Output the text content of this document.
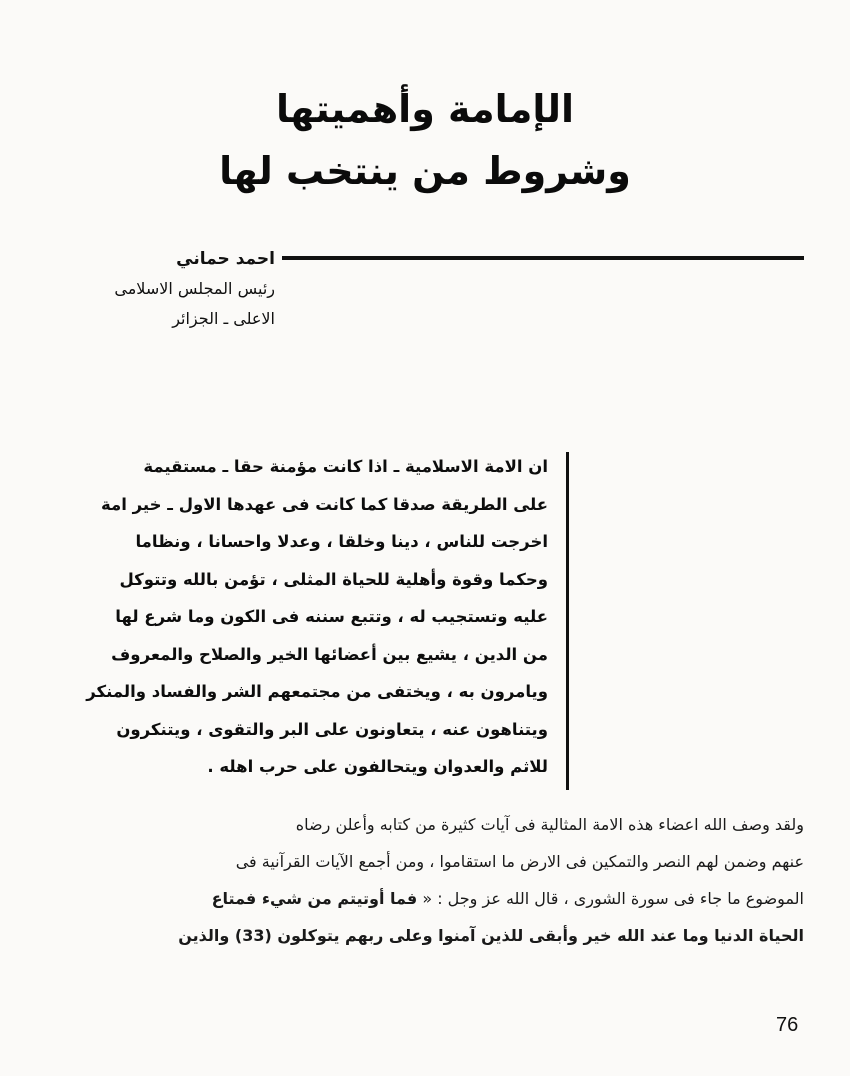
الإمامة وأهميتها
وشروط من ينتخب لها
احمد حماني
رئيس المجلس الاسلامى
الاعلى ـ الجزائر
ان الامة الاسلامية ـ اذا كانت مؤمنة حقا ـ مستقيمة
على الطريقة صدقا كما كانت فى عهدها الاول ـ خير امة
اخرجت للناس ، دينا وخلقا ، وعدلا واحسانا ، ونظاما
وحكما وقوة وأهلية للحياة المثلى ، تؤمن بالله وتتوكل
عليه وتستجيب له ، وتتبع سننه فى الكون وما شرع لها
من الدين ، يشيع بين أعضائها الخير والصلاح والمعروف
ويامرون به ، ويختفى من مجتمعهم الشر والفساد والمنكر
ويتناهون عنه ، يتعاونون على البر والتقوى ، ويتنكرون
للاثم والعدوان ويتحالفون على حرب اهله .
ولقد وصف الله اعضاء هذه الامة المثالية فى آيات كثيرة من كتابه وأعلن رضاه
عنهم وضمن لهم النصر والتمكين فى الارض ما استقاموا ، ومن أجمع الآيات القرآنية فى
الموضوع ما جاء فى سورة الشورى ، قال الله عز وجل : « فما أوتيتم من شيء فمتاع
الحياة الدنيا وما عند الله خير وأبقى للذين آمنوا وعلى ربهم يتوكلون (33) والذين
76
